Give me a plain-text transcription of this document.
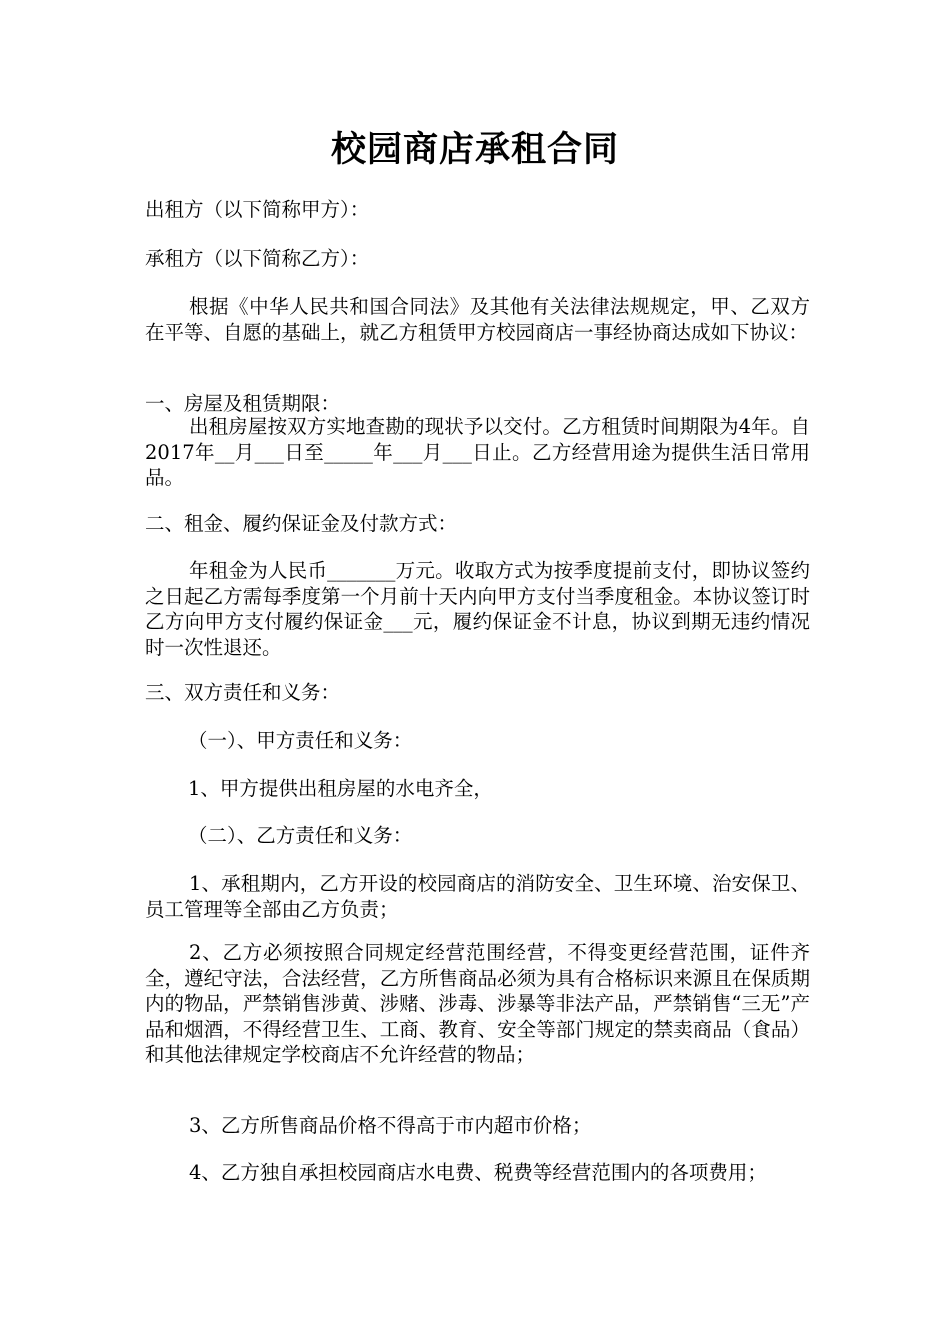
校园商店承租合同

出租方（以下简称甲方）：

承租方（以下简称乙方）：

根据《中华人民共和国合同法》及其他有关法律法规规定，甲、乙双方在平等、自愿的基础上，就乙方租赁甲方校园商店一事经协商达成如下协议：

一、房屋及租赁期限：

出租房屋按双方实地查勘的现状予以交付。乙方租赁时间期限为4年。自 2017年__月___日至_____年___月___日止。乙方经营用途为提供生活日常用品。

二、租金、履约保证金及付款方式：

年租金为人民币_______万元。收取方式为按季度提前支付，即协议签约之日起乙方需每季度第一个月前十天内向甲方支付当季度租金。本协议签订时乙方向甲方支付履约保证金___元，履约保证金不计息，协议到期无违约情况时一次性退还。

三、双方责任和义务：

（一）、甲方责任和义务：

1、甲方提供出租房屋的水电齐全，

（二）、乙方责任和义务：

1、承租期内，乙方开设的校园商店的消防安全、卫生环境、治安保卫、员工管理等全部由乙方负责；

2、乙方必须按照合同规定经营范围经营，不得变更经营范围，证件齐全，遵纪守法，合法经营，乙方所售商品必须为具有合格标识来源且在保质期内的物品，严禁销售涉黄、涉赌、涉毒、涉暴等非法产品，严禁销售“三无”产品和烟酒，不得经营卫生、工商、教育、安全等部门规定的禁卖商品（食品）和其他法律规定学校商店不允许经营的物品；

3、乙方所售商品价格不得高于市内超市价格；

4、乙方独自承担校园商店水电费、税费等经营范围内的各项费用；
